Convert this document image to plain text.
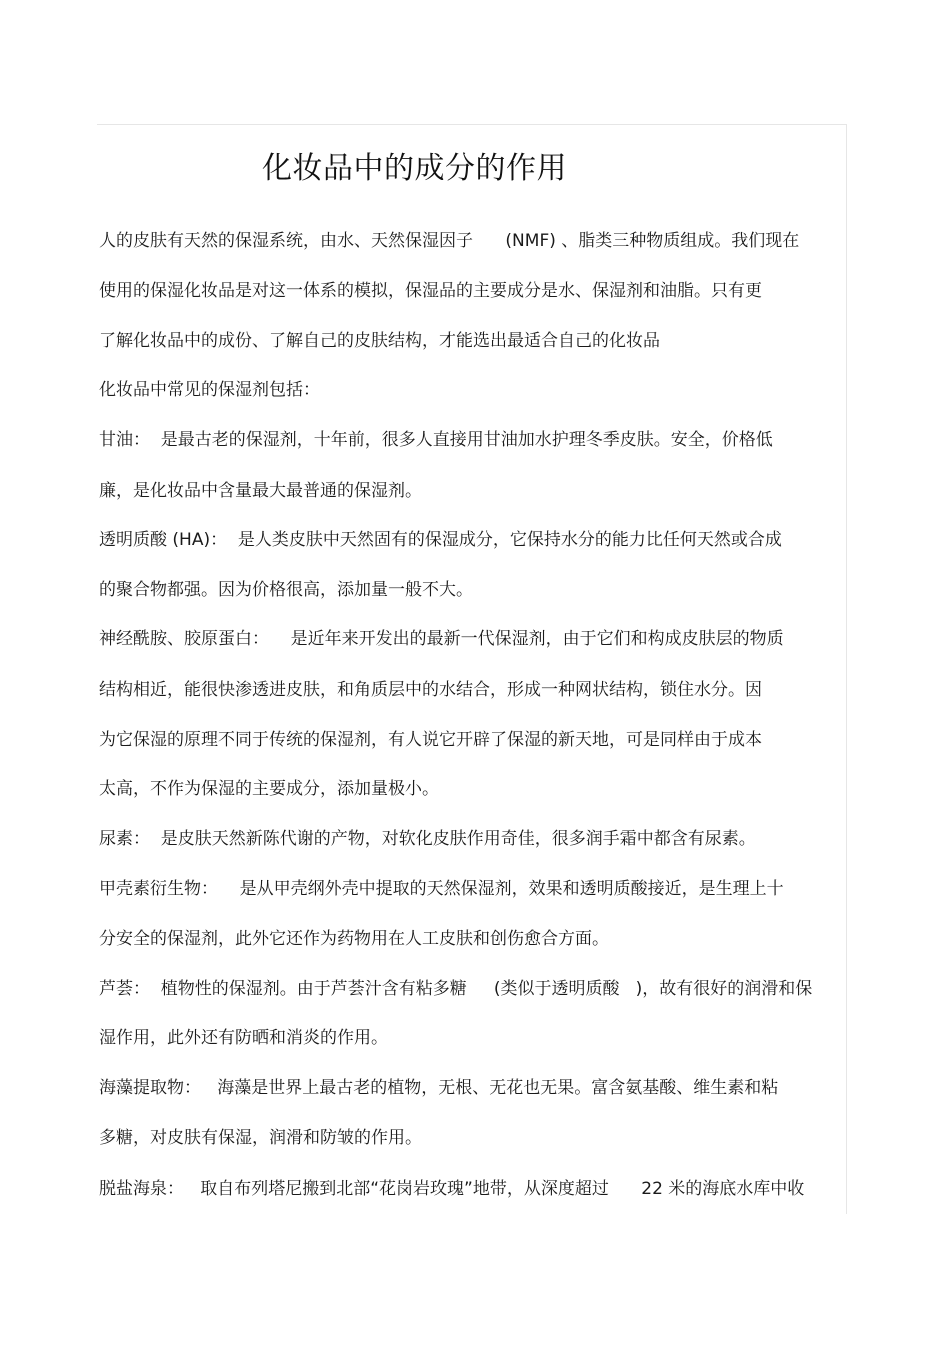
化妆品中的成分的作用
人的皮肤有天然的保湿系统，由水、天然保湿因子      (NMF) 、脂类三种物质组成。我们现在
使用的保湿化妆品是对这一体系的模拟，保湿品的主要成分是水、保湿剂和油脂。只有更
了解化妆品中的成份、了解自己的皮肤结构，才能选出最适合自己的化妆品
化妆品中常见的保湿剂包括：
甘油：  是最古老的保湿剂，十年前，很多人直接用甘油加水护理冬季皮肤。安全，价格低
廉，是化妆品中含量最大最普通的保湿剂。
透明质酸 (HA)：  是人类皮肤中天然固有的保湿成分，它保持水分的能力比任何天然或合成
的聚合物都强。因为价格很高，添加量一般不大。
神经酰胺、胶原蛋白：    是近年来开发出的最新一代保湿剂，由于它们和构成皮肤层的物质
结构相近，能很快渗透进皮肤，和角质层中的水结合，形成一种网状结构，锁住水分。因
为它保湿的原理不同于传统的保湿剂，有人说它开辟了保湿的新天地，可是同样由于成本
太高，不作为保湿的主要成分，添加量极小。
尿素：  是皮肤天然新陈代谢的产物，对软化皮肤作用奇佳，很多润手霜中都含有尿素。
甲壳素衍生物：    是从甲壳纲外壳中提取的天然保湿剂，效果和透明质酸接近，是生理上十
分安全的保湿剂，此外它还作为药物用在人工皮肤和创伤愈合方面。
芦荟：  植物性的保湿剂。由于芦荟汁含有粘多糖     (类似于透明质酸   )，故有很好的润滑和保
湿作用，此外还有防晒和消炎的作用。
海藻提取物：   海藻是世界上最古老的植物，无根、无花也无果。富含氨基酸、维生素和粘
多糖，对皮肤有保湿，润滑和防皱的作用。
脱盐海泉：   取自布列塔尼搬到北部“花岗岩玫瑰”地带，从深度超过      22 米的海底水库中收
